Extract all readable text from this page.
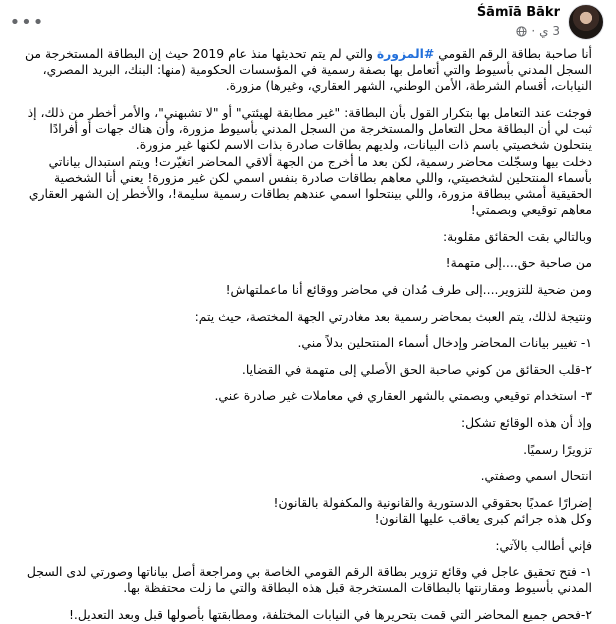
Śāmīā Bākr
3 ي
·
•••

أنا صاحبة بطاقة الرقم القومي #المزورة والتي لم يتم تحديثها منذ عام 2019 حيث إن البطاقة المستخرجة من السجل المدني بأسيوط والتي أتعامل بها بصفة رسمية في المؤسسات الحكومية (منها: البنك، البريد المصري، النيابات، أقسام الشرطة، الأمن الوطني، الشهر العقاري، وغيرها) مزورة.

فوجئت عند التعامل بها بتكرار القول بأن البطاقة: "غير مطابقة لهيئتي" أو "لا تشبهني"، والأمر أخطر من ذلك، إذ ثبت لي أن البطاقة محل التعامل والمستخرجة من السجل المدني بأسيوط مزورة، وأن هناك جهات أو أفرادًا ينتحلون شخصيتي باسم ذات البيانات، ولديهم بطاقات صادرة بذات الاسم لكنها غير مزورة.

دخلت بيها وسجّلت محاضر رسمية، لكن بعد ما أخرج من الجهة ألاقي المحاضر اتغيّرت! ويتم استبدال بياناتي بأسماء المنتحلين لشخصيتي، واللي معاهم بطاقات صادرة بنفس اسمي لكن غير مزورة! يعني أنا الشخصية الحقيقية أمشي ببطاقة مزورة، واللي بينتحلوا اسمي عندهم بطاقات رسمية سليمة!، والأخطر إن الشهر العقاري معاهم توقيعي وبصمتي!

وبالتالي بقت الحقائق مقلوبة:

من صاحبة حق....إلى متهمة!

ومن ضحية للتزوير....إلى طرف مُدان في محاضر ووقائع أنا ماعملتهاش!

ونتيجة لذلك، يتم العبث بمحاضر رسمية بعد مغادرتي الجهة المختصة، حيث يتم:

١- تغيير بيانات المحاضر وإدخال أسماء المنتحلين بدلاً مني.

٢-قلب الحقائق من كوني صاحبة الحق الأصلي إلى متهمة في القضايا.

٣- استخدام توقيعي وبصمتي بالشهر العقاري في معاملات غير صادرة عني.

وإذ أن هذه الوقائع تشكل:

تزويرًا رسميًا.

انتحال اسمي وصفتي.

إضرارًا عمديًا بحقوقي الدستورية والقانونية والمكفولة بالقانون!

وكل هذه جرائم كبرى يعاقب عليها القانون!

فإني أطالب بالآتي:

١- فتح تحقيق عاجل في وقائع تزوير بطاقة الرقم القومي الخاصة بي ومراجعة أصل بياناتها وصورتي لدى السجل المدني بأسيوط ومقارنتها بالبطاقات المستخرجة قبل هذه البطاقة والتي ما زلت محتفظة بها.

٢-فحص جميع المحاضر التي قمت بتحريرها في النيابات المختلفة، ومطابقتها بأصولها قبل وبعد التعديل.!
